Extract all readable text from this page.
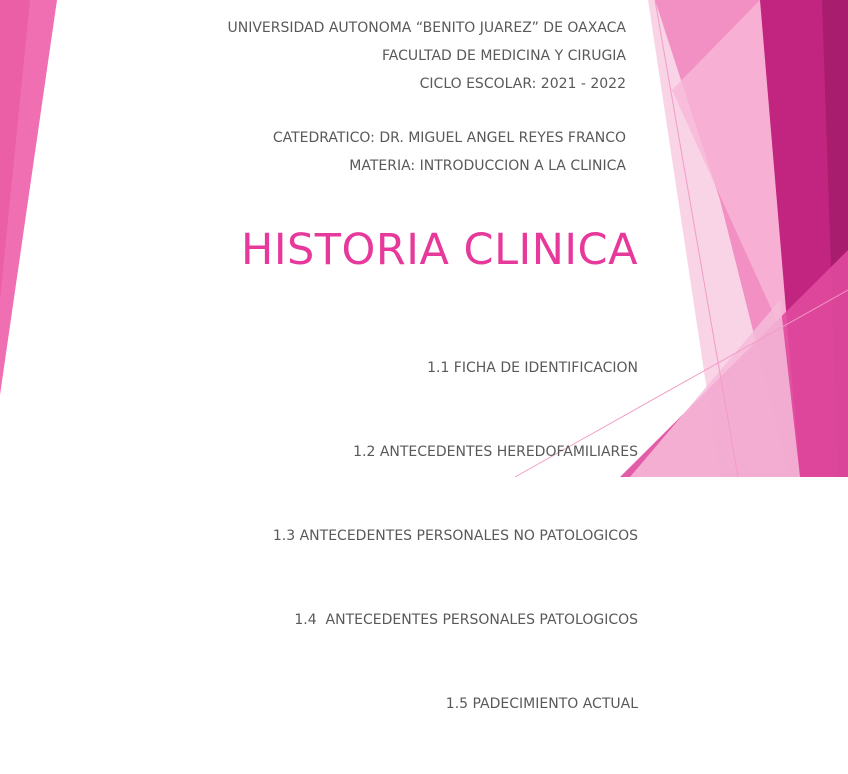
UNIVERSIDAD AUTONOMA “BENITO JUAREZ” DE OAXACA
FACULTAD DE MEDICINA Y CIRUGIA
CICLO ESCOLAR: 2021 - 2022
CATEDRATICO: DR. MIGUEL ANGEL REYES FRANCO
MATERIA: INTRODUCCION A LA CLINICA
HISTORIA CLINICA

1.1 FICHA DE IDENTIFICACION

1.2 ANTECEDENTES HEREDOFAMILIARES

1.3 ANTECEDENTES PERSONALES NO PATOLOGICOS

1.4  ANTECEDENTES PERSONALES PATOLOGICOS

1.5 PADECIMIENTO ACTUAL
